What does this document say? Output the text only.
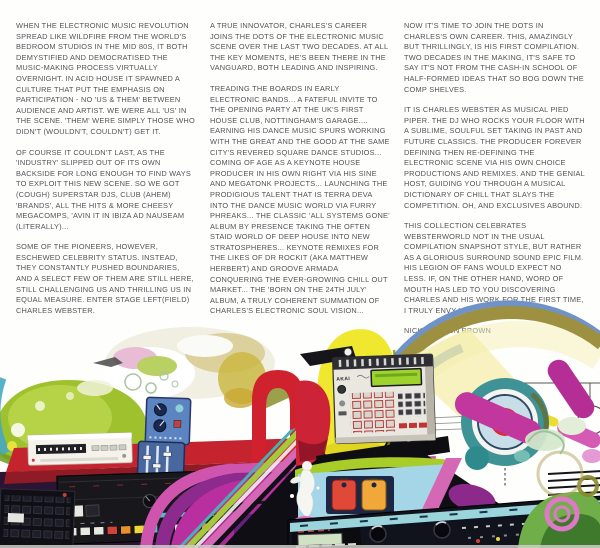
WHEN THE ELECTRONIC MUSIC REVOLUTION SPREAD LIKE WILDFIRE FROM THE WORLD'S BEDROOM STUDIOS IN THE MID 80S, IT BOTH DEMYSTIFIED AND DEMOCRATISED THE MUSIC-MAKING PROCESS VIRTUALLY OVERNIGHT. IN ACID HOUSE IT SPAWNED A CULTURE THAT PUT THE EMPHASIS ON PARTICIPATION - NO 'US & THEM' BETWEEN AUDIENCE AND ARTIST. WE WERE ALL 'US' IN THE SCENE. 'THEM' WERE SIMPLY THOSE WHO DIDN'T (WOULDN'T, COULDN'T) GET IT.

OF COURSE IT COULDN'T LAST, AS THE 'INDUSTRY' SLIPPED OUT OF ITS OWN BACKSIDE FOR LONG ENOUGH TO FIND WAYS TO EXPLOIT THIS NEW SCENE. SO WE GOT (COUGH) SUPERSTAR DJS, CLUB (AHEM) 'BRANDS', ALL THE HITS & MORE CHEESY MEGACOMPS, 'AVIN IT IN IBIZA AD NAUSEAM (LITERALLY)...

SOME OF THE PIONEERS, HOWEVER, ESCHEWED CELEBRITY STATUS. INSTEAD, THEY CONSTANTLY PUSHED BOUNDARIES, AND A SELECT FEW OF THEM ARE STILL HERE, STILL CHALLENGING US AND THRILLING US IN EQUAL MEASURE. ENTER STAGE LEFT(FIELD) CHARLES WEBSTER.

A TRUE INNOVATOR, CHARLES'S CAREER JOINS THE DOTS OF THE ELECTRONIC MUSIC SCENE OVER THE LAST TWO DECADES. AT ALL THE KEY MOMENTS, HE'S BEEN THERE IN THE VANGUARD, BOTH LEADING AND INSPIRING.

TREADING THE BOARDS IN EARLY ELECTRONIC BANDS... A FATEFUL INVITE TO THE OPENING PARTY AT THE UK'S FIRST HOUSE CLUB, NOTTINGHAM'S GARAGE.... EARNING HIS DANCE MUSIC SPURS WORKING WITH THE GREAT AND THE GOOD AT THE SAME CITY'S REVERED SQUARE DANCE STUDIOS... COMING OF AGE AS A KEYNOTE HOUSE PRODUCER IN HIS OWN RIGHT VIA HIS SINE AND MEGATONK PROJECTS... LAUNCHING THE PRODIGIOUS TALENT THAT IS TERRA DEVA INTO THE DANCE MUSIC WORLD VIA FURRY PHREAKS... THE CLASSIC 'ALL SYSTEMS GONE' ALBUM BY PRESENCE TAKING THE OFTEN STAID WORLD OF DEEP HOUSE INTO NEW STRATOSPHERES... KEYNOTE REMIXES FOR THE LIKES OF DR ROCKIT (AKA MATTHEW HERBERT) AND GROOVE ARMADA CONQUERING THE EVER-GROWING CHILL OUT MARKET... THE 'BORN ON THE 24TH JULY' ALBUM, A TRULY COHERENT SUMMATION OF CHARLES'S ELECTRONIC SOUL VISION...

NOW IT'S TIME TO JOIN THE DOTS IN CHARLES'S OWN CAREER. THIS, AMAZINGLY BUT THRILLINGLY, IS HIS FIRST COMPILATION. TWO DECADES IN THE MAKING, IT'S SAFE TO SAY IT'S NOT FROM THE CASH-IN SCHOOL OF HALF-FORMED IDEAS THAT SO BOG DOWN THE COMP SHELVES.

IT IS CHARLES WEBSTER AS MUSICAL PIED PIPER. THE DJ WHO ROCKS YOUR FLOOR WITH A SUBLIME, SOULFUL SET TAKING IN PAST AND FUTURE CLASSICS. THE PRODUCER FOREVER DEFINING THEN RE-DEFINING THE ELECTRONIC SCENE VIA HIS OWN CHOICE PRODUCTIONS AND REMIXES. AND THE GENIAL HOST, GUIDING YOU THROUGH A MUSICAL DICTIONARY OF CHILL THAT SLAYS THE COMPETITION. OH, AND EXCLUSIVES ABOUND.

THIS COLLECTION CELEBRATES WEBSTERWORLD NOT IN THE USUAL COMPILATION SNAPSHOT STYLE, BUT RATHER AS A GLORIOUS SURROUND SOUND EPIC FILM. HIS LEGION OF FANS WOULD EXPECT NO LESS. IF, ON THE OTHER HAND, WORD OF MOUTH HAS LED TO YOU DISCOVERING CHARLES AND HIS WORK FOR THE FIRST TIME, I TRULY ENVY YOU THIS EXPERIENCE.

NICK GORDON BROWN

AKAI
